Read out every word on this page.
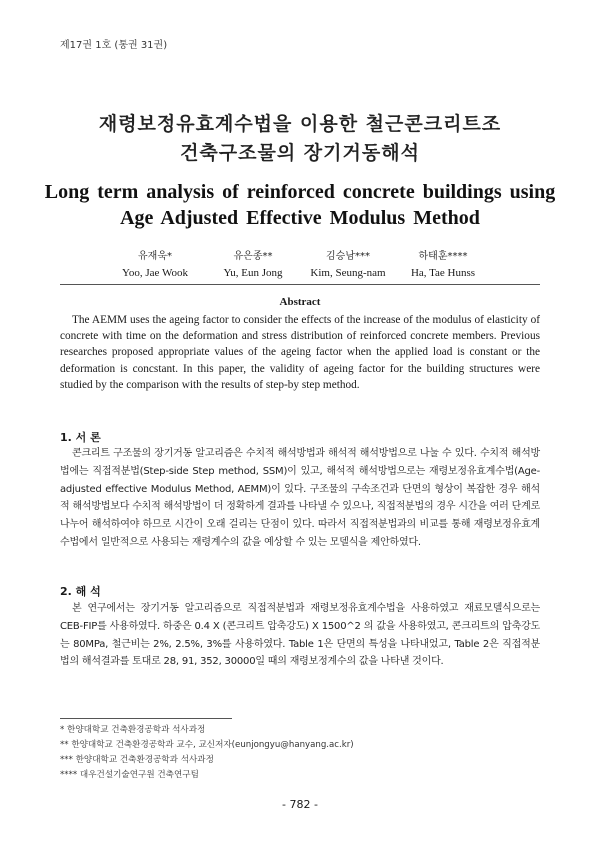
제17권 1호 (통권 31권)
재령보정유효계수법을 이용한 철근콘크리트조
건축구조물의 장기거동해석
Long term analysis of reinforced concrete buildings using
Age Adjusted Effective Modulus Method
유재욱*
Yoo, Jae Wook
유은종**
Yu, Eun Jong
김승남***
Kim, Seung-nam
하태훈****
Ha, Tae Hunss
Abstract
The AEMM uses the ageing factor to consider the effects of the increase of the modulus of elasticity of concrete with time on the deformation and stress distribution of reinforced concrete members. Previous researches proposed appropriate values of the ageing factor when the applied load is constant or the deformation is concstant. In this paper, the validity of ageing factor for the building structures were studied by the comparison with the results of step-by step method.
1. 서 론
콘크리트 구조물의 장기거동 알고리즘은 수치적 해석방법과 해석적 해석방법으로 나눌 수 있다. 수치적 해석방법에는 직접적분법(Step-side Step method, SSM)이 있고, 해석적 해석방법으로는 재령보정유효계수법(Age-adjusted effective Modulus Method, AEMM)이 있다. 구조물의 구속조건과 단면의 형상이 복잡한 경우 해석적 해석방법보다 수치적 해석방법이 더 정확하게 결과를 나타낼 수 있으나, 직접적분법의 경우 시간을 여러 단계로 나누어 해석하여야 하므로 시간이 오래 걸리는 단점이 있다. 따라서 직접적분법과의 비교를 통해 재령보정유효계수법에서 일반적으로 사용되는 재령계수의 값을 예상할 수 있는 모델식을 제안하였다.
2. 해 석
본 연구에서는 장기거동 알고리즘으로 직접적분법과 재령보정유효계수법을 사용하였고 재료모델식으로는 CEB-FIP를 사용하였다. 하중은 0.4 X (콘크리트 압축강도) X 1500^2 의 값을 사용하였고, 콘크리트의 압축강도는 80MPa, 철근비는 2%, 2.5%, 3%를 사용하였다. Table 1은 단면의 특성을 나타내었고, Table 2은 직접적분법의 해석결과를 토대로 28, 91, 352, 30000일 때의 재령보정계수의 값을 나타낸 것이다.
* 한양대학교 건축환경공학과 석사과정
** 한양대학교 건축환경공학과 교수, 교신저자(eunjongyu@hanyang.ac.kr)
*** 한양대학교 건축환경공학과 석사과정
**** 대우건설기술연구원 건축연구팀
- 782 -
